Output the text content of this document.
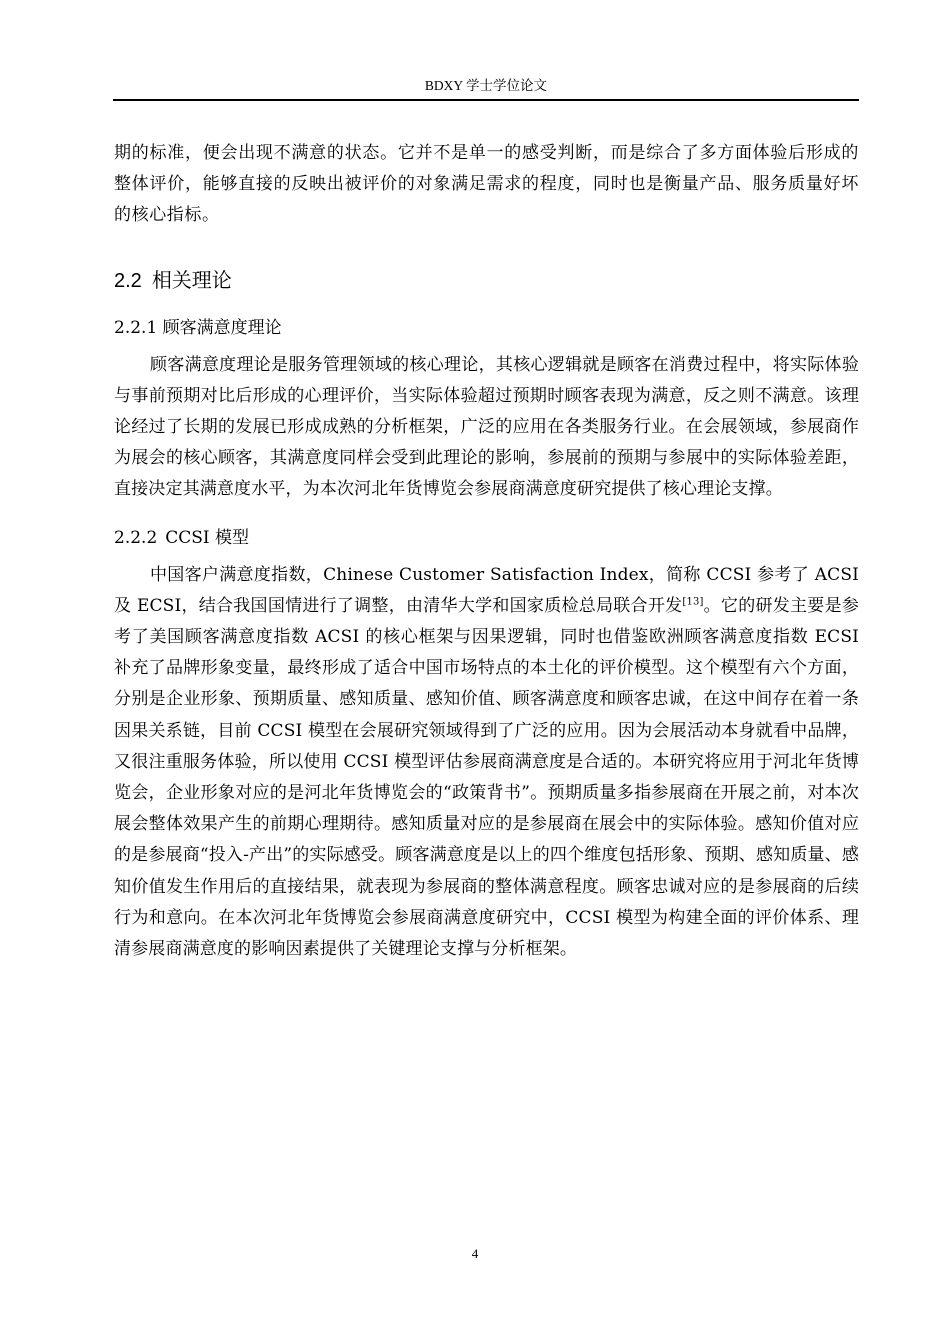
BDXY 学士学位论文

期的标准，便会出现不满意的状态。它并不是单一的感受判断，而是综合了多方面体验后形成的整体评价，能够直接的反映出被评价的对象满足需求的程度，同时也是衡量产品、服务质量好坏的核心指标。

2.2 相关理论
2.2.1 顾客满意度理论

顾客满意度理论是服务管理领域的核心理论，其核心逻辑就是顾客在消费过程中，将实际体验与事前预期对比后形成的心理评价，当实际体验超过预期时顾客表现为满意，反之则不满意。该理论经过了长期的发展已形成成熟的分析框架，广泛的应用在各类服务行业。在会展领域，参展商作为展会的核心顾客，其满意度同样会受到此理论的影响，参展前的预期与参展中的实际体验差距，直接决定其满意度水平，为本次河北年货博览会参展商满意度研究提供了核心理论支撑。

2.2.2 CCSI 模型

中国客户满意度指数，Chinese Customer Satisfaction Index，简称 CCSI 参考了 ACSI 及 ECSI，结合我国国情进行了调整，由清华大学和国家质检总局联合开发[13]。它的研发主要是参考了美国顾客满意度指数 ACSI 的核心框架与因果逻辑，同时也借鉴欧洲顾客满意度指数 ECSI 补充了品牌形象变量，最终形成了适合中国市场特点的本土化的评价模型。这个模型有六个方面，分别是企业形象、预期质量、感知质量、感知价值、顾客满意度和顾客忠诚，在这中间存在着一条因果关系链，目前 CCSI 模型在会展研究领域得到了广泛的应用。因为会展活动本身就看中品牌，又很注重服务体验，所以使用 CCSI 模型评估参展商满意度是合适的。本研究将应用于河北年货博览会，企业形象对应的是河北年货博览会的“政策背书”。预期质量多指参展商在开展之前，对本次展会整体效果产生的前期心理期待。感知质量对应的是参展商在展会中的实际体验。感知价值对应的是参展商“投入-产出”的实际感受。顾客满意度是以上的四个维度包括形象、预期、感知质量、感知价值发生作用后的直接结果，就表现为参展商的整体满意程度。顾客忠诚对应的是参展商的后续行为和意向。在本次河北年货博览会参展商满意度研究中，CCSI 模型为构建全面的评价体系、理清参展商满意度的影响因素提供了关键理论支撑与分析框架。

4
